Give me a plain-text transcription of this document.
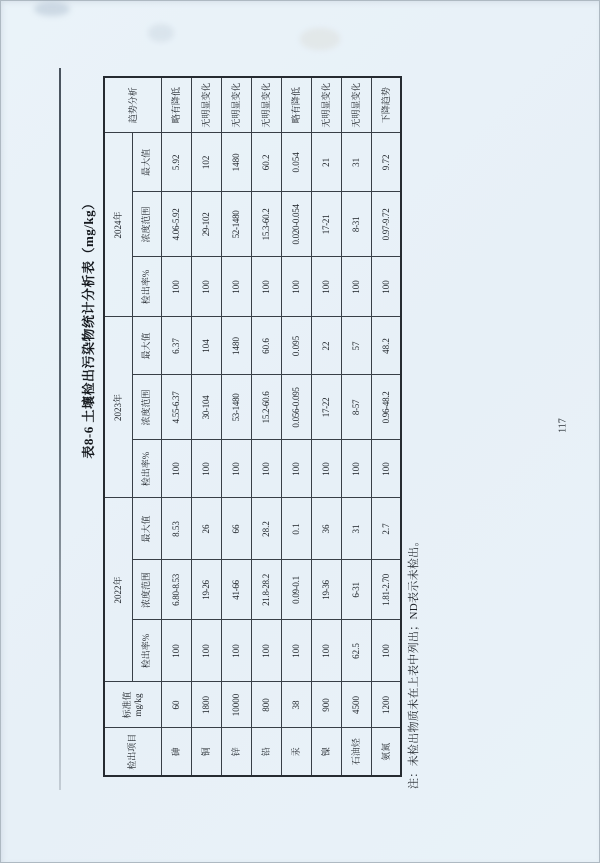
表8-6 土壤检出污染物统计分析表（mg/kg）
检出项目	标准值 mg/kg	2022年			2023年			2024年			趋势分析
		检出率%	浓度范围	最大值	检出率%	浓度范围	最大值	检出率%	浓度范围	最大值	
砷	60	100	6.80-8.53	8.53	100	4.55-6.37	6.37	100	4.06-5.92	5.92	略有降低
铜	1800	100	19-26	26	100	30-104	104	100	29-102	102	无明显变化
锌	10000	100	41-66	66	100	53-1480	1480	100	52-1480	1480	无明显变化
铅	800	100	21.8-28.2	28.2	100	15.2-60.6	60.6	100	15.3-60.2	60.2	无明显变化
汞	38	100	0.09-0.1	0.1	100	0.056-0.095	0.095	100	0.020-0.054	0.054	略有降低
镍	900	100	19-36	36	100	17-22	22	100	17-21	21	无明显变化
石油烃	4500	62.5	6-31	31	100	8-57	57	100	8-31	31	无明显变化
氨氮	1200	100	1.81-2.70	2.7	100	0.96-48.2	48.2	100	0.97-9.72	9.72	下降趋势
注：未检出物质未在上表中列出；ND表示未检出。
117
